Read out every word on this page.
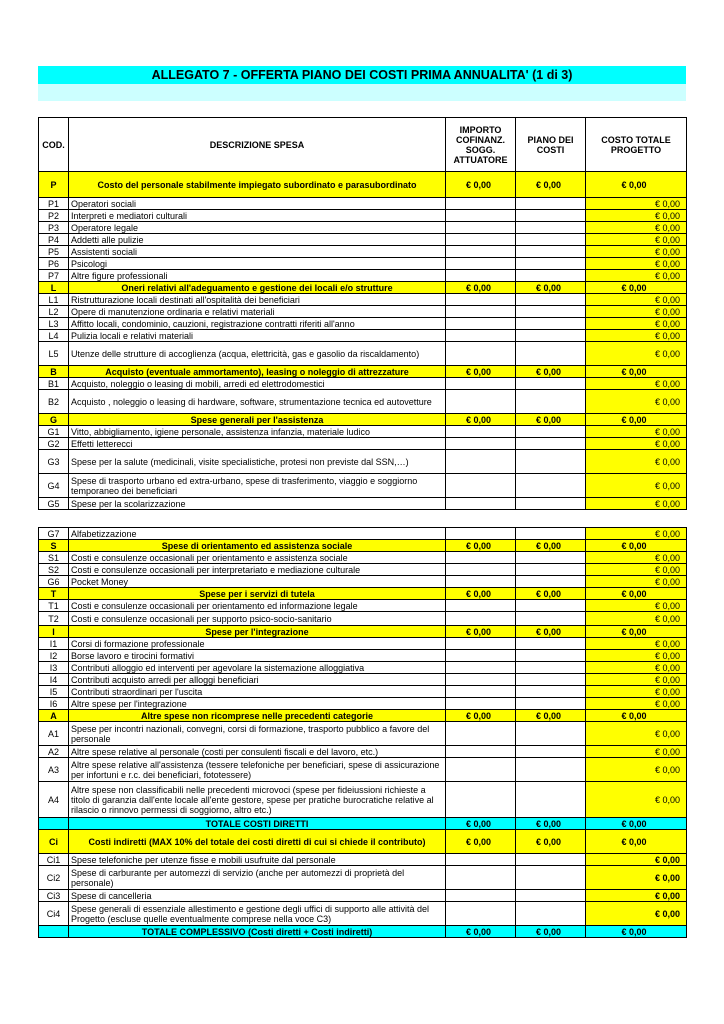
ALLEGATO 7 - OFFERTA PIANO DEI COSTI PRIMA ANNUALITA' (1 di 3)
COD.	DESCRIZIONE SPESA	IMPORTO COFINANZ. SOGG. ATTUATORE	PIANO DEI COSTI	COSTO TOTALE PROGETTO
P	Costo del personale stabilmente impiegato subordinato e parasubordinato	€ 0,00	€ 0,00	€ 0,00
P1	Operatori sociali			€ 0,00
P2	Interpreti e mediatori culturali			€ 0,00
P3	Operatore legale			€ 0,00
P4	Addetti alle pulizie			€ 0,00
P5	Assistenti sociali			€ 0,00
P6	Psicologi			€ 0,00
P7	Altre figure professionali			€ 0,00
L	Oneri relativi all'adeguamento e gestione dei locali e/o strutture	€ 0,00	€ 0,00	€ 0,00
L1	Ristrutturazione locali destinati all'ospitalità dei beneficiari			€ 0,00
L2	Opere di manutenzione ordinaria e relativi materiali			€ 0,00
L3	Affitto locali, condominio, cauzioni, registrazione contratti riferiti all'anno			€ 0,00
L4	Pulizia locali e relativi materiali			€ 0,00
L5	Utenze delle strutture di accoglienza (acqua, elettricità, gas e gasolio da riscaldamento)			€ 0,00
B	Acquisto (eventuale ammortamento), leasing o noleggio di attrezzature	€ 0,00	€ 0,00	€ 0,00
B1	Acquisto, noleggio o leasing di mobili, arredi ed elettrodomestici			€ 0,00
B2	Acquisto , noleggio o leasing di hardware, software, strumentazione tecnica ed autovetture			€ 0,00
G	Spese generali per l'assistenza	€ 0,00	€ 0,00	€ 0,00
G1	Vitto, abbigliamento, igiene personale, assistenza infanzia, materiale ludico			€ 0,00
G2	Effetti letterecci			€ 0,00
G3	Spese per la salute (medicinali, visite specialistiche, protesi non previste dal SSN,…)			€ 0,00
G4	Spese di trasporto urbano ed extra-urbano, spese di trasferimento, viaggio e soggiorno temporaneo dei beneficiari			€ 0,00
G5	Spese per la scolarizzazione			€ 0,00
G7	Alfabetizzazione			€ 0,00
S	Spese di orientamento ed assistenza sociale	€ 0,00	€ 0,00	€ 0,00
S1	Costi e consulenze occasionali per orientamento e assistenza sociale			€ 0,00
S2	Costi e consulenze occasionali per interpretariato e mediazione culturale			€ 0,00
G6	Pocket Money			€ 0,00
T	Spese per i servizi di tutela	€ 0,00	€ 0,00	€ 0,00
T1	Costi e consulenze occasionali per orientamento ed informazione legale			€ 0,00
T2	Costi e consulenze occasionali per supporto psico-socio-sanitario			€ 0,00
I	Spese per l'integrazione	€ 0,00	€ 0,00	€ 0,00
I1	Corsi di formazione professionale			€ 0,00
I2	Borse lavoro e tirocini formativi			€ 0,00
I3	Contributi alloggio ed interventi per agevolare la sistemazione alloggiativa			€ 0,00
I4	Contributi acquisto arredi per alloggi beneficiari			€ 0,00
I5	Contributi straordinari per l'uscita			€ 0,00
I6	Altre spese per l'integrazione			€ 0,00
A	Altre spese non ricomprese nelle precedenti categorie	€ 0,00	€ 0,00	€ 0,00
A1	Spese per incontri nazionali, convegni, corsi di formazione, trasporto pubblico a favore del personale			€ 0,00
A2	Altre spese relative al personale (costi per consulenti fiscali e del lavoro, etc.)			€ 0,00
A3	Altre spese relative all'assistenza (tessere telefoniche per beneficiari, spese di assicurazione per infortuni e r.c. dei beneficiari, fototessere)			€ 0,00
A4	Altre spese non classificabili nelle precedenti microvoci (spese per fideiussioni richieste a titolo di garanzia dall'ente locale all'ente gestore, spese per pratiche burocratiche relative al rilascio o rinnovo permessi di soggiorno, altro etc.)			€ 0,00
	TOTALE COSTI DIRETTI	€ 0,00	€ 0,00	€ 0,00
Ci	Costi indiretti (MAX 10% del totale dei costi diretti di cui si chiede il contributo)	€ 0,00	€ 0,00	€ 0,00
Ci1	Spese telefoniche per utenze fisse e mobili usufruite dal personale			€ 0,00
Ci2	Spese di carburante per automezzi di servizio (anche per automezzi di proprietà del personale)			€ 0,00
Ci3	Spese di cancelleria			€ 0,00
Ci4	Spese generali di essenziale allestimento e gestione degli uffici di supporto alle attività del Progetto (escluse quelle eventualmente comprese nella voce C3)			€ 0,00
	TOTALE COMPLESSIVO (Costi diretti + Costi indiretti)	€ 0,00	€ 0,00	€ 0,00
